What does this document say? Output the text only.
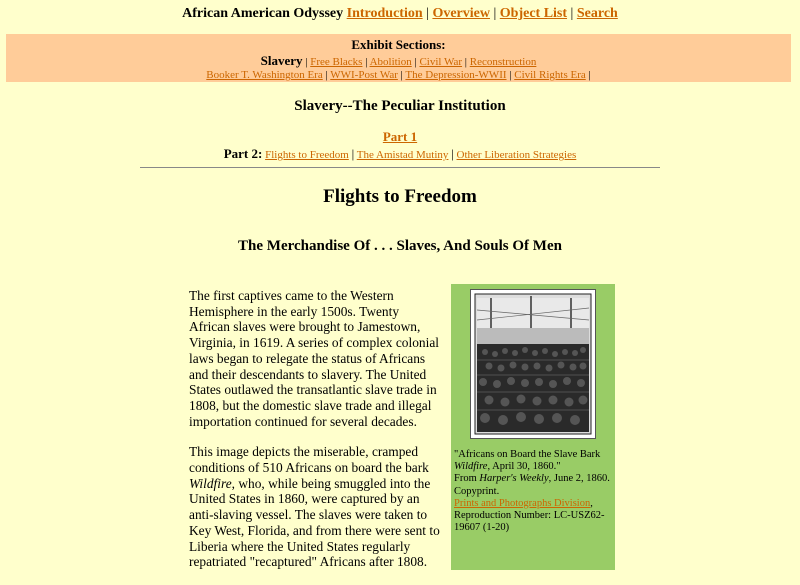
African American Odyssey Introduction | Overview | Object List | Search
Exhibit Sections:
Slavery | Free Blacks | Abolition | Civil War | Reconstruction
Booker T. Washington Era | WWI-Post War | The Depression-WWII | Civil Rights Era |
Slavery--The Peculiar Institution
Part 1
Part 2: Flights to Freedom | The Amistad Mutiny | Other Liberation Strategies
Flights to Freedom
The Merchandise Of . . . Slaves, And Souls Of Men

The first captives came to the Western Hemisphere in the early 1500s. Twenty African slaves were brought to Jamestown, Virginia, in 1619. A series of complex colonial laws began to relegate the status of Africans and their descendants to slavery. The United States outlawed the transatlantic slave trade in 1808, but the domestic slave trade and illegal importation continued for several decades.

This image depicts the miserable, cramped conditions of 510 Africans on board the bark Wildfire, who, while being smuggled into the United States in 1860, were captured by an anti-slaving vessel. The slaves were taken to Key West, Florida, and from there were sent to Liberia where the United States regularly repatriated "recaptured" Africans after 1808.

"Africans on Board the Slave Bark Wildfire, April 30, 1860."
From Harper's Weekly, June 2, 1860.
Copyprint.
Prints and Photographs Division,
Reproduction Number: LC-USZ62-19607 (1-20)
